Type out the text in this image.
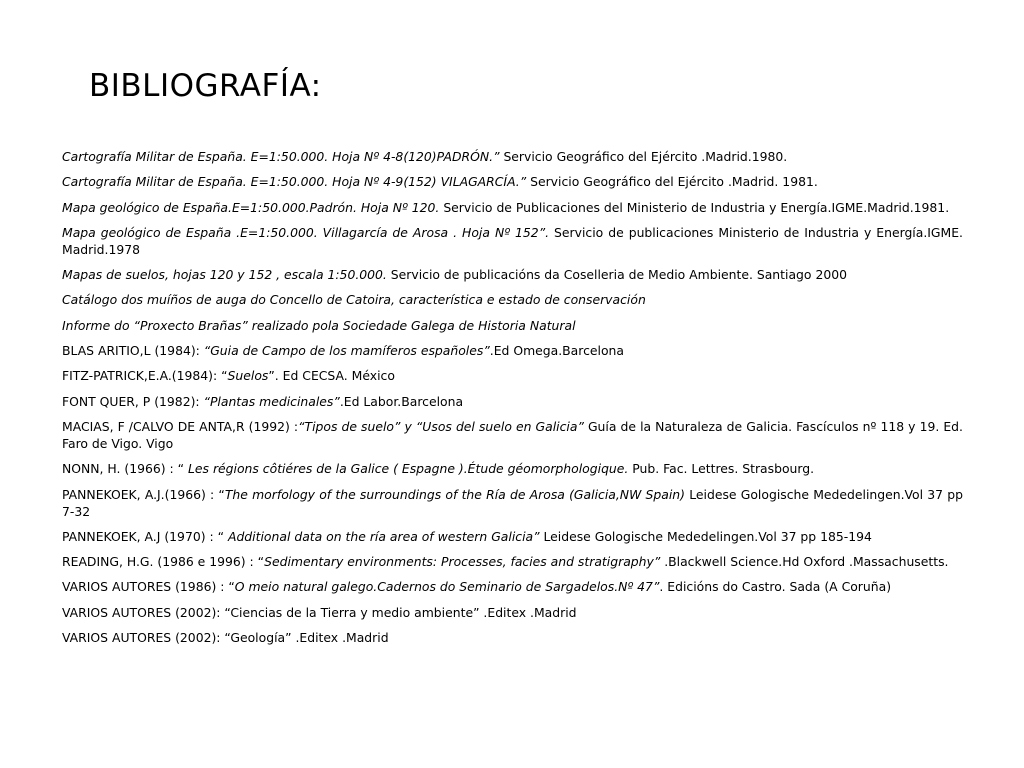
BIBLIOGRAFÍA:
Cartografía Militar de España. E=1:50.000. Hoja Nº 4-8(120)PADRÓN.” Servicio Geográfico del Ejército .Madrid.1980.
Cartografía Militar de España. E=1:50.000. Hoja Nº 4-9(152) VILAGARCÍA.” Servicio Geográfico del Ejército .Madrid. 1981.
Mapa geológico de España.E=1:50.000.Padrón. Hoja Nº 120. Servicio de Publicaciones del Ministerio de Industria y Energía.IGME.Madrid.1981.
Mapa geológico de España .E=1:50.000. Villagarcía de Arosa . Hoja Nº 152”. Servicio de publicaciones Ministerio de Industria y Energía.IGME. Madrid.1978
Mapas de suelos, hojas 120 y 152 , escala 1:50.000. Servicio de publicacións da Coselleria de Medio Ambiente. Santiago 2000
Catálogo dos muíños de auga do Concello de Catoira, característica e estado de conservación
Informe do “Proxecto Brañas” realizado pola Sociedade Galega de Historia Natural
BLAS ARITIO,L (1984): “Guia de Campo de los mamíferos españoles”.Ed Omega.Barcelona
FITZ-PATRICK,E.A.(1984): “Suelos”. Ed CECSA. México
FONT QUER, P (1982): “Plantas medicinales”.Ed Labor.Barcelona
MACIAS, F /CALVO DE ANTA,R (1992) :“Tipos de suelo” y “Usos del suelo en Galicia” Guía de la Naturaleza de Galicia. Fascículos nº 118 y 19. Ed. Faro de Vigo. Vigo
NONN, H. (1966) : “ Les régions côtiéres de la Galice ( Espagne ).Étude géomorphologique. Pub. Fac. Lettres. Strasbourg.
PANNEKOEK, A.J.(1966) : “The morfology of the surroundings of the Ría de Arosa (Galicia,NW Spain) Leidese Gologische Mededelingen.Vol 37 pp 7-32
PANNEKOEK, A.J (1970) : “ Additional data on the ría area of western Galicia” Leidese Gologische Mededelingen.Vol 37 pp 185-194
READING, H.G. (1986 e 1996) : “Sedimentary environments: Processes, facies and stratigraphy” .Blackwell Science.Hd Oxford .Massachusetts.
VARIOS AUTORES (1986) : “O meio natural galego.Cadernos do Seminario de Sargadelos.Nº 47”. Edicións do Castro. Sada (A Coruña)
VARIOS AUTORES (2002): “Ciencias de la Tierra y medio ambiente” .Editex .Madrid
VARIOS AUTORES (2002): “Geología” .Editex .Madrid
